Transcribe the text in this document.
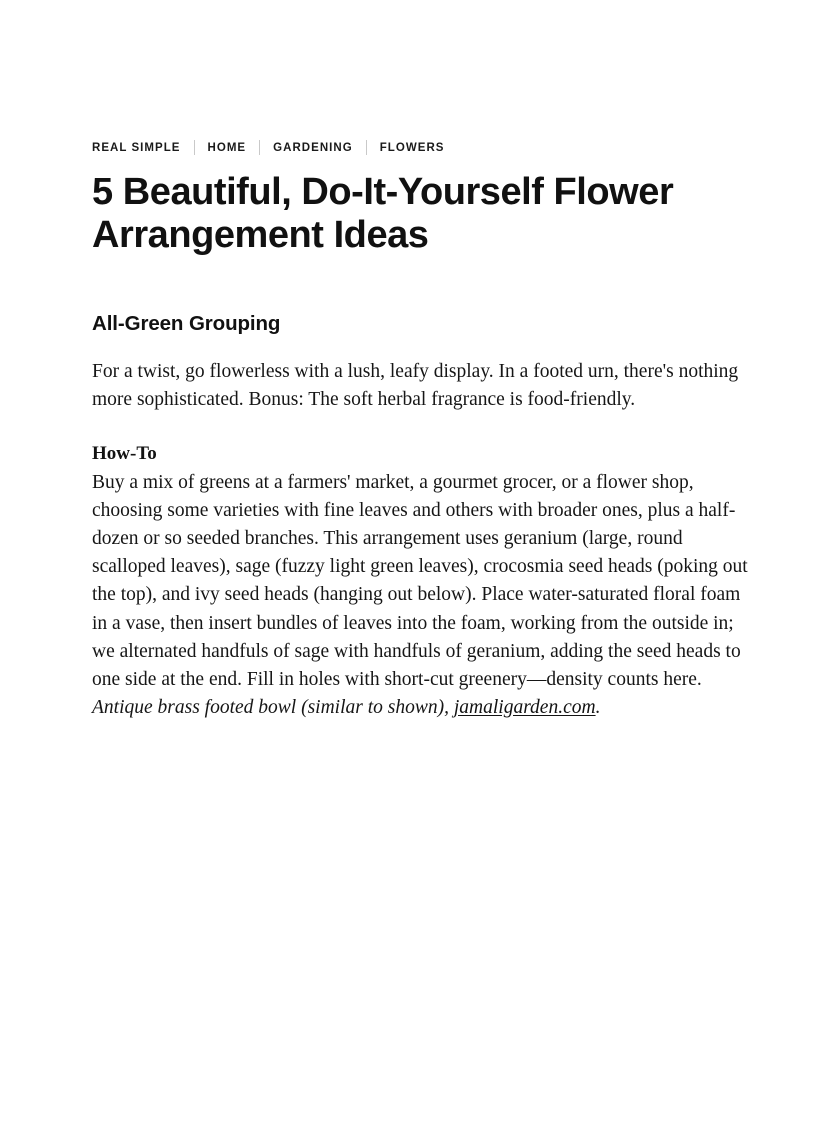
REAL SIMPLE HOME GARDENING FLOWERS
5 Beautiful, Do-It-Yourself Flower Arrangement Ideas
All-Green Grouping

For a twist, go flowerless with a lush, leafy display. In a footed urn, there's nothing more sophisticated. Bonus: The soft herbal fragrance is food-friendly.

How-To

Buy a mix of greens at a farmers' market, a gourmet grocer, or a flower shop, choosing some varieties with fine leaves and others with broader ones, plus a half-dozen or so seeded branches. This arrangement uses geranium (large, round scalloped leaves), sage (fuzzy light green leaves), crocosmia seed heads (poking out the top), and ivy seed heads (hanging out below). Place water-saturated floral foam in a vase, then insert bundles of leaves into the foam, working from the outside in; we alternated handfuls of sage with handfuls of geranium, adding the seed heads to one side at the end. Fill in holes with short-cut greenery—density counts here. Antique brass footed bowl (similar to shown), jamaligarden.com.
